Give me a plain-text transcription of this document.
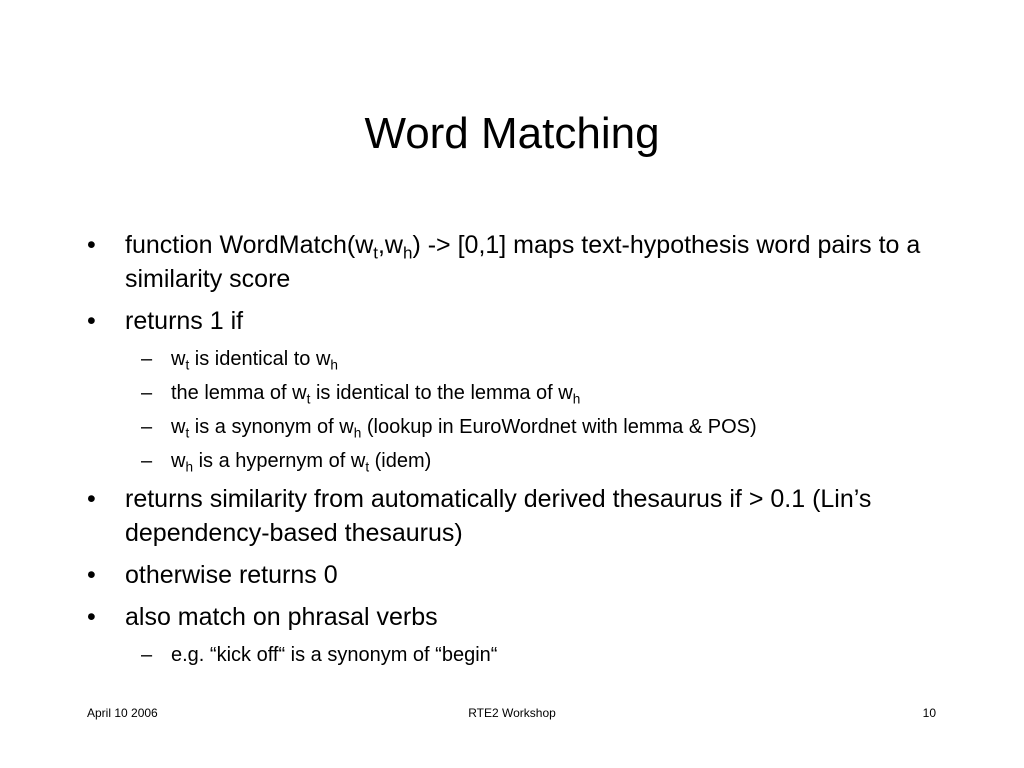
Word Matching
• function $WordMatch(w_t,w_h) -> [0,1]$ maps text-hypothesis word pairs to a similarity score
• returns 1 if
– $w_t$ is identical to $w_h$
– the lemma of $w_t$ is identical to the lemma of $w_h$
– $w_t$ is a synonym of $w_h$ (lookup in EuroWordnet with lemma & POS)
– $w_h$ is a hypernym of $w_t$ (idem)
• returns similarity from automatically derived thesaurus if > 0.1 (Lin’s dependency-based thesaurus)
• otherwise returns 0
• also match on phrasal verbs
– e.g. “kick off“ is a synonym of “begin“
April 10 2006	RTE2 Workshop	10
